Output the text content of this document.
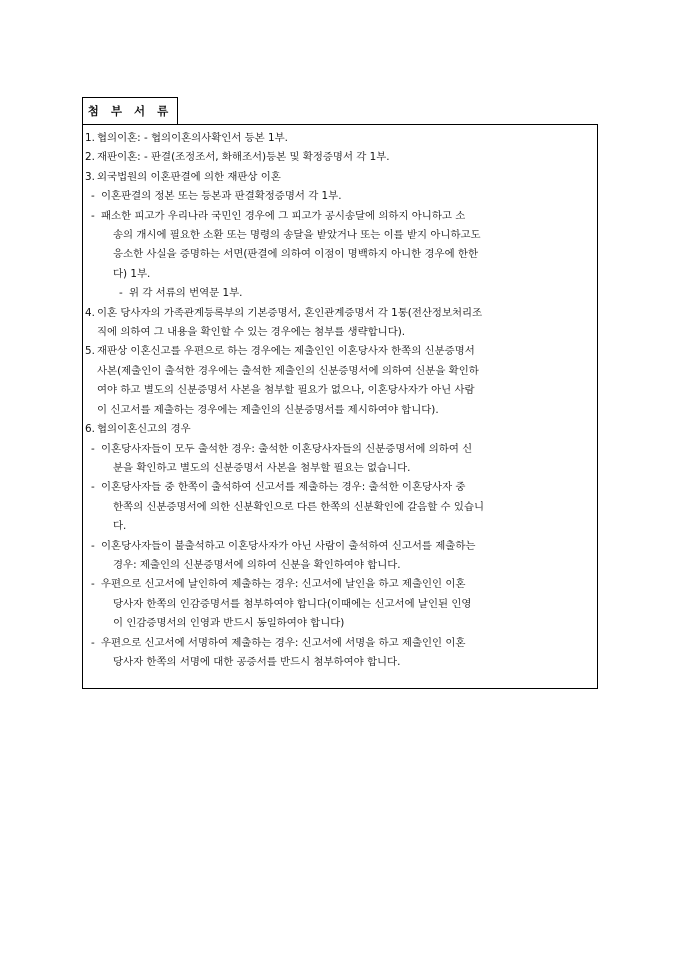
첨 부 서 류
1. 협의이혼: - 협의이혼의사확인서 등본 1부.
2. 재판이혼: - 판결(조정조서, 화해조서)등본 및 확정증명서 각 1부.
3. 외국법원의 이혼판결에 의한 재판상 이혼
- 이혼판결의 정본 또는 등본과 판결확정증명서 각 1부.
- 패소한 피고가 우리나라 국민인 경우에 그 피고가 공시송달에 의하지 아니하고 소
송의 개시에 필요한 소환 또는 명령의 송달을 받았거나 또는 이를 받지 아니하고도
응소한 사실을 증명하는 서면(판결에 의하여 이점이 명백하지 아니한 경우에 한한
다) 1부.
- 위 각 서류의 번역문 1부.
4. 이혼 당사자의 가족관계등록부의 기본증명서, 혼인관계증명서 각 1통(전산정보처리조
직에 의하여 그 내용을 확인할 수 있는 경우에는 첨부를 생략합니다).
5. 재판상 이혼신고를 우편으로 하는 경우에는 제출인인 이혼당사자 한쪽의 신분증명서
사본(제출인이 출석한 경우에는 출석한 제출인의 신분증명서에 의하여 신분을 확인하
여야 하고 별도의 신분증명서 사본을 첨부할 필요가 없으나, 이혼당사자가 아닌 사람
이 신고서를 제출하는 경우에는 제출인의 신분증명서를 제시하여야 합니다).
6. 협의이혼신고의 경우
- 이혼당사자들이 모두 출석한 경우: 출석한 이혼당사자들의 신분증명서에 의하여 신
분을 확인하고 별도의 신분증명서 사본을 첨부할 필요는 없습니다.
- 이혼당사자들 중 한쪽이 출석하여 신고서를 제출하는 경우: 출석한 이혼당사자 중
한쪽의 신분증명서에 의한 신분확인으로 다른 한쪽의 신분확인에 갈음할 수 있습니
다.
- 이혼당사자들이 불출석하고 이혼당사자가 아닌 사람이 출석하여 신고서를 제출하는
경우: 제출인의 신분증명서에 의하여 신분을 확인하여야 합니다.
- 우편으로 신고서에 날인하여 제출하는 경우: 신고서에 날인을 하고 제출인인 이혼
당사자 한쪽의 인감증명서를 첨부하여야 합니다(이때에는 신고서에 날인된 인영
이 인감증명서의 인영과 반드시 동일하여야 합니다)
- 우편으로 신고서에 서명하여 제출하는 경우: 신고서에 서명을 하고 제출인인 이혼
당사자 한쪽의 서명에 대한 공증서를 반드시 첨부하여야 합니다.
